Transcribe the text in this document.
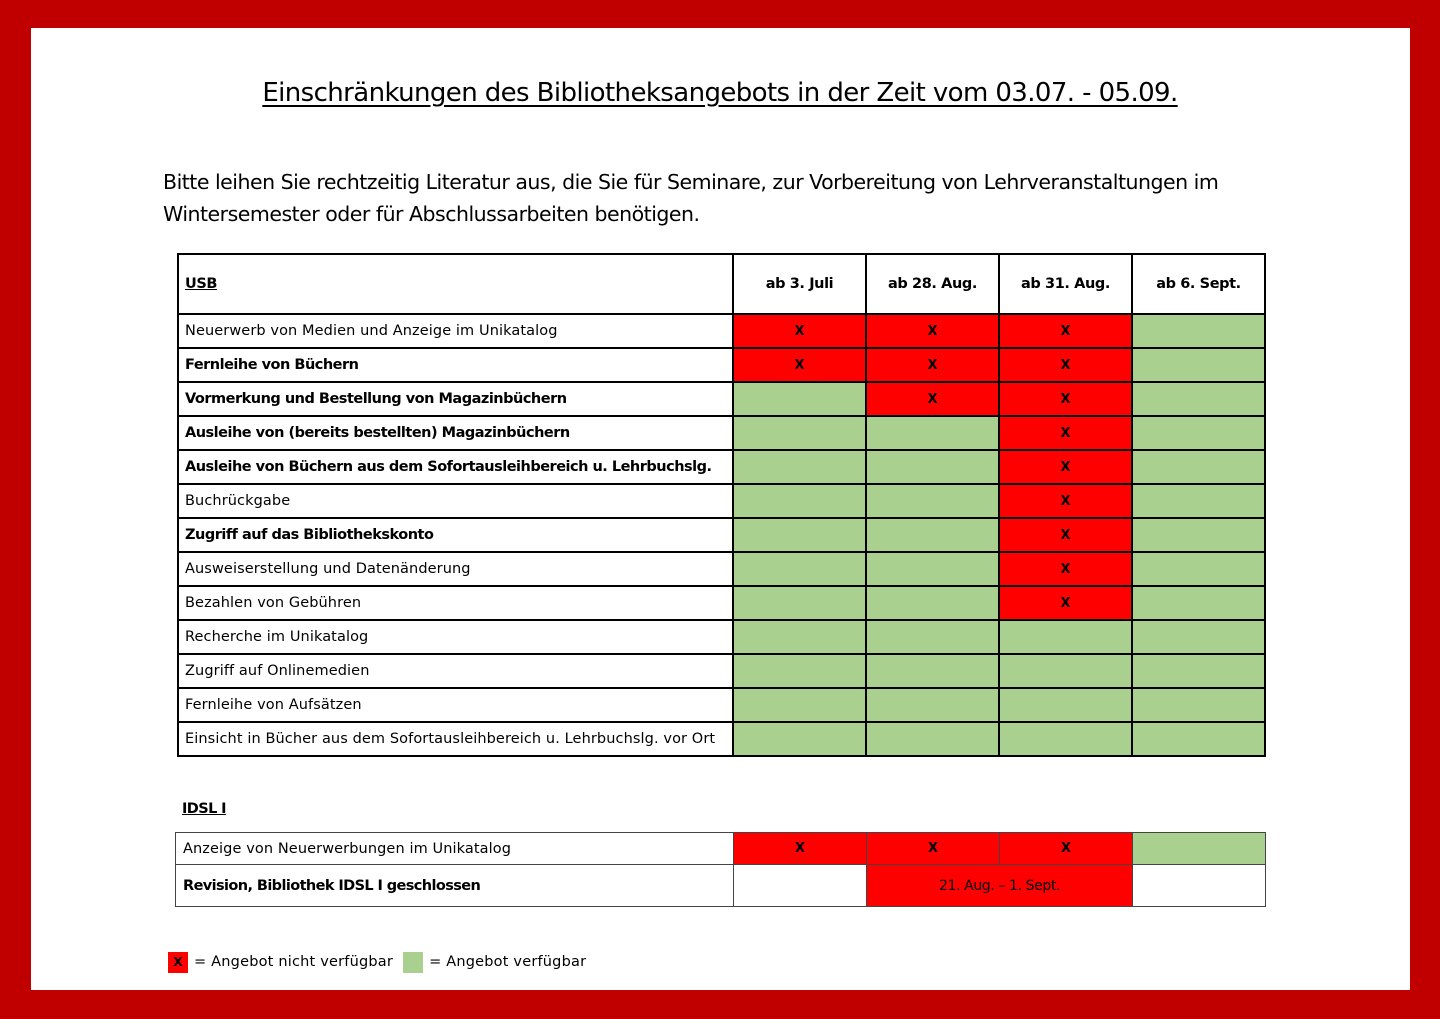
Einschränkungen des Bibliotheksangebots in der Zeit vom 03.07. - 05.09.
Bitte leihen Sie rechtzeitig Literatur aus, die Sie für Seminare, zur Vorbereitung von Lehrveranstaltungen im Wintersemester oder für Abschlussarbeiten benötigen.
USB	ab 3. Juli	ab 28. Aug.	ab 31. Aug.	ab 6. Sept.
Neuerwerb von Medien und Anzeige im Unikatalog	X	X	X	
Fernleihe von Büchern	X	X	X	
Vormerkung und Bestellung von Magazinbüchern		X	X	
Ausleihe von (bereits bestellten) Magazinbüchern			X	
Ausleihe von Büchern aus dem Sofortausleihbereich u. Lehrbuchslg.			X	
Buchrückgabe			X	
Zugriff auf das Bibliothekskonto			X	
Ausweiserstellung und Datenänderung			X	
Bezahlen von Gebühren			X	
Recherche im Unikatalog				
Zugriff auf Onlinemedien				
Fernleihe von Aufsätzen				
Einsicht in Bücher aus dem Sofortausleihbereich u. Lehrbuchslg. vor Ort				
IDSL I
Anzeige von Neuerwerbungen im Unikatalog	X	X	X	
Revision, Bibliothek IDSL I geschlossen		21. Aug. – 1. Sept.		
X = Angebot nicht verfügbar = Angebot verfügbar
